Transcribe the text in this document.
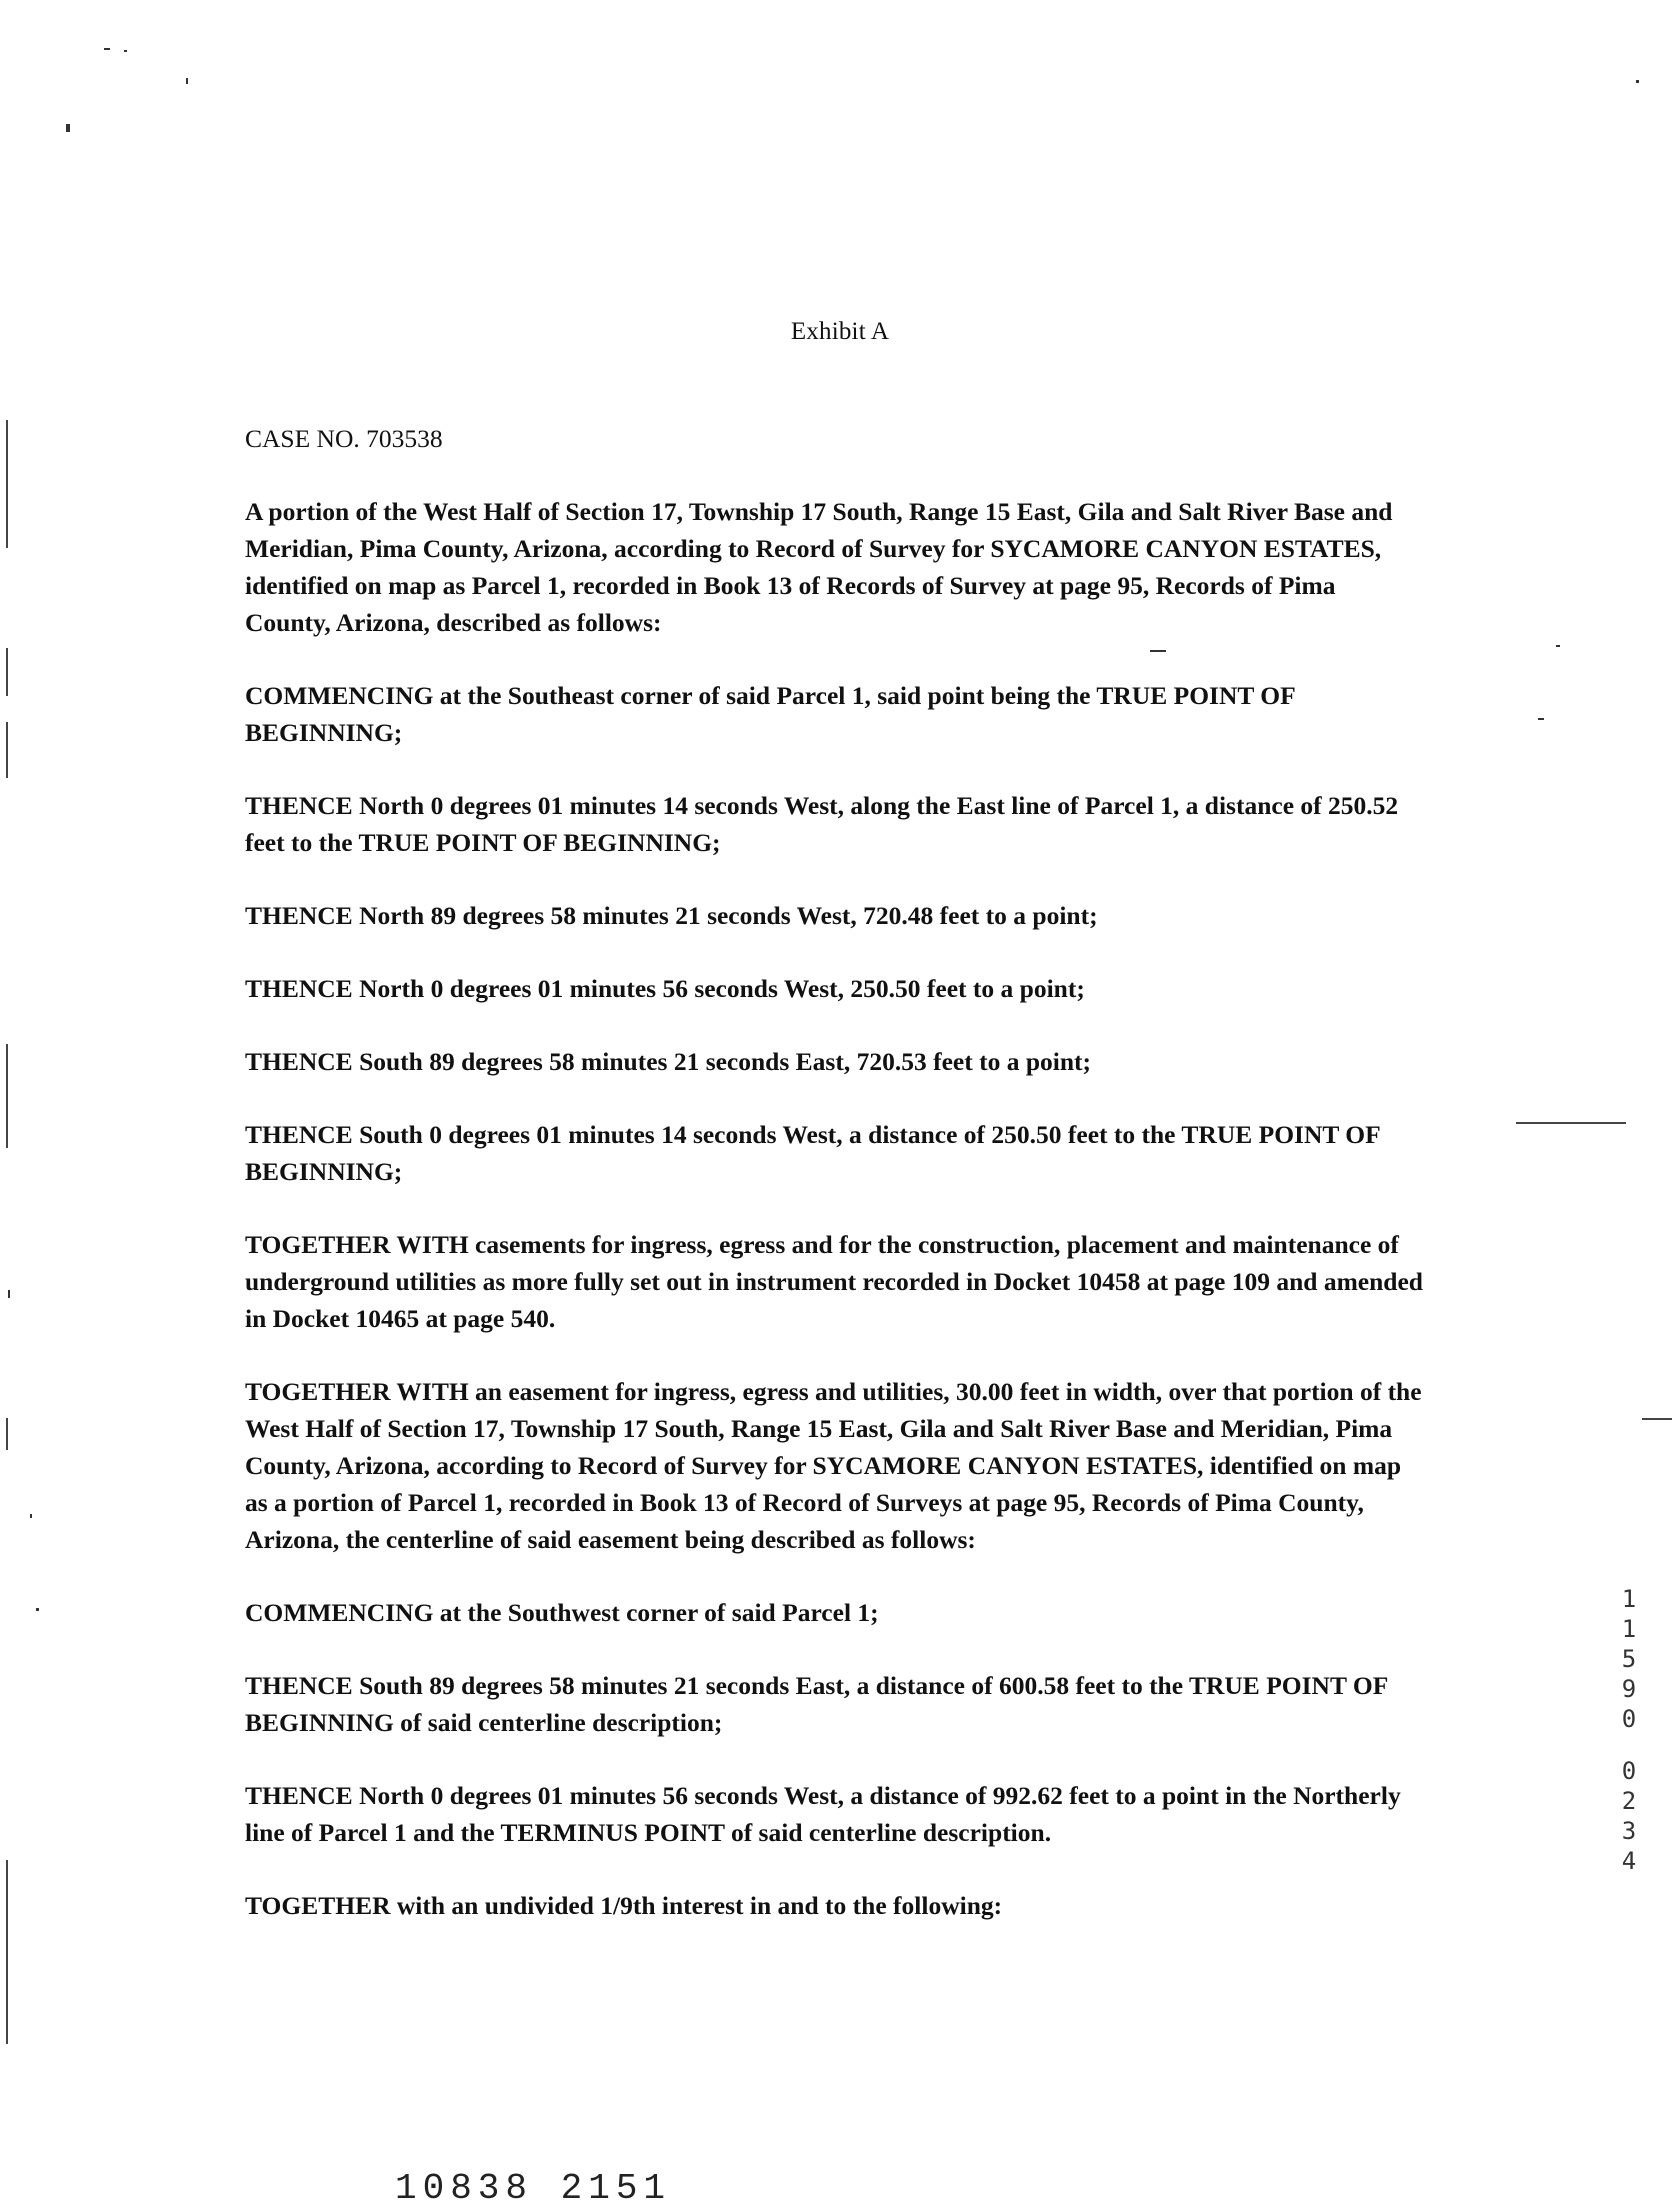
Exhibit A

CASE NO. 703538

A portion of the West Half of Section 17, Township 17 South, Range 15 East, Gila and Salt River Base and Meridian, Pima County, Arizona, according to Record of Survey for SYCAMORE CANYON ESTATES, identified on map as Parcel 1, recorded in Book 13 of Records of Survey at page 95, Records of Pima County, Arizona, described as follows:

COMMENCING at the Southeast corner of said Parcel 1, said point being the TRUE POINT OF BEGINNING;

THENCE North 0 degrees 01 minutes 14 seconds West, along the East line of Parcel 1, a distance of 250.52 feet to the TRUE POINT OF BEGINNING;

THENCE North 89 degrees 58 minutes 21 seconds West, 720.48 feet to a point;

THENCE North 0 degrees 01 minutes 56 seconds West, 250.50 feet to a point;

THENCE South 89 degrees 58 minutes 21 seconds East, 720.53 feet to a point;

THENCE South 0 degrees 01 minutes 14 seconds West, a distance of 250.50 feet to the TRUE POINT OF BEGINNING;

TOGETHER WITH casements for ingress, egress and for the construction, placement and maintenance of underground utilities as more fully set out in instrument recorded in Docket 10458 at page 109 and amended in Docket 10465 at page 540.

TOGETHER WITH an easement for ingress, egress and utilities, 30.00 feet in width, over that portion of the West Half of Section 17, Township 17 South, Range 15 East, Gila and Salt River Base and Meridian, Pima County, Arizona, according to Record of Survey for SYCAMORE CANYON ESTATES, identified on map as a portion of Parcel 1, recorded in Book 13 of Record of Surveys at page 95, Records of Pima County, Arizona, the centerline of said easement being described as follows:

COMMENCING at the Southwest corner of said Parcel 1;

THENCE South 89 degrees 58 minutes 21 seconds East, a distance of 600.58 feet to the TRUE POINT OF BEGINNING of said centerline description;

THENCE North 0 degrees 01 minutes 56 seconds West, a distance of 992.62 feet to a point in the Northerly line of Parcel 1 and the TERMINUS POINT of said centerline description.

TOGETHER with an undivided 1/9th interest in and to the following:

1
1
5
9
0
0
2
3
4
10838 2151
